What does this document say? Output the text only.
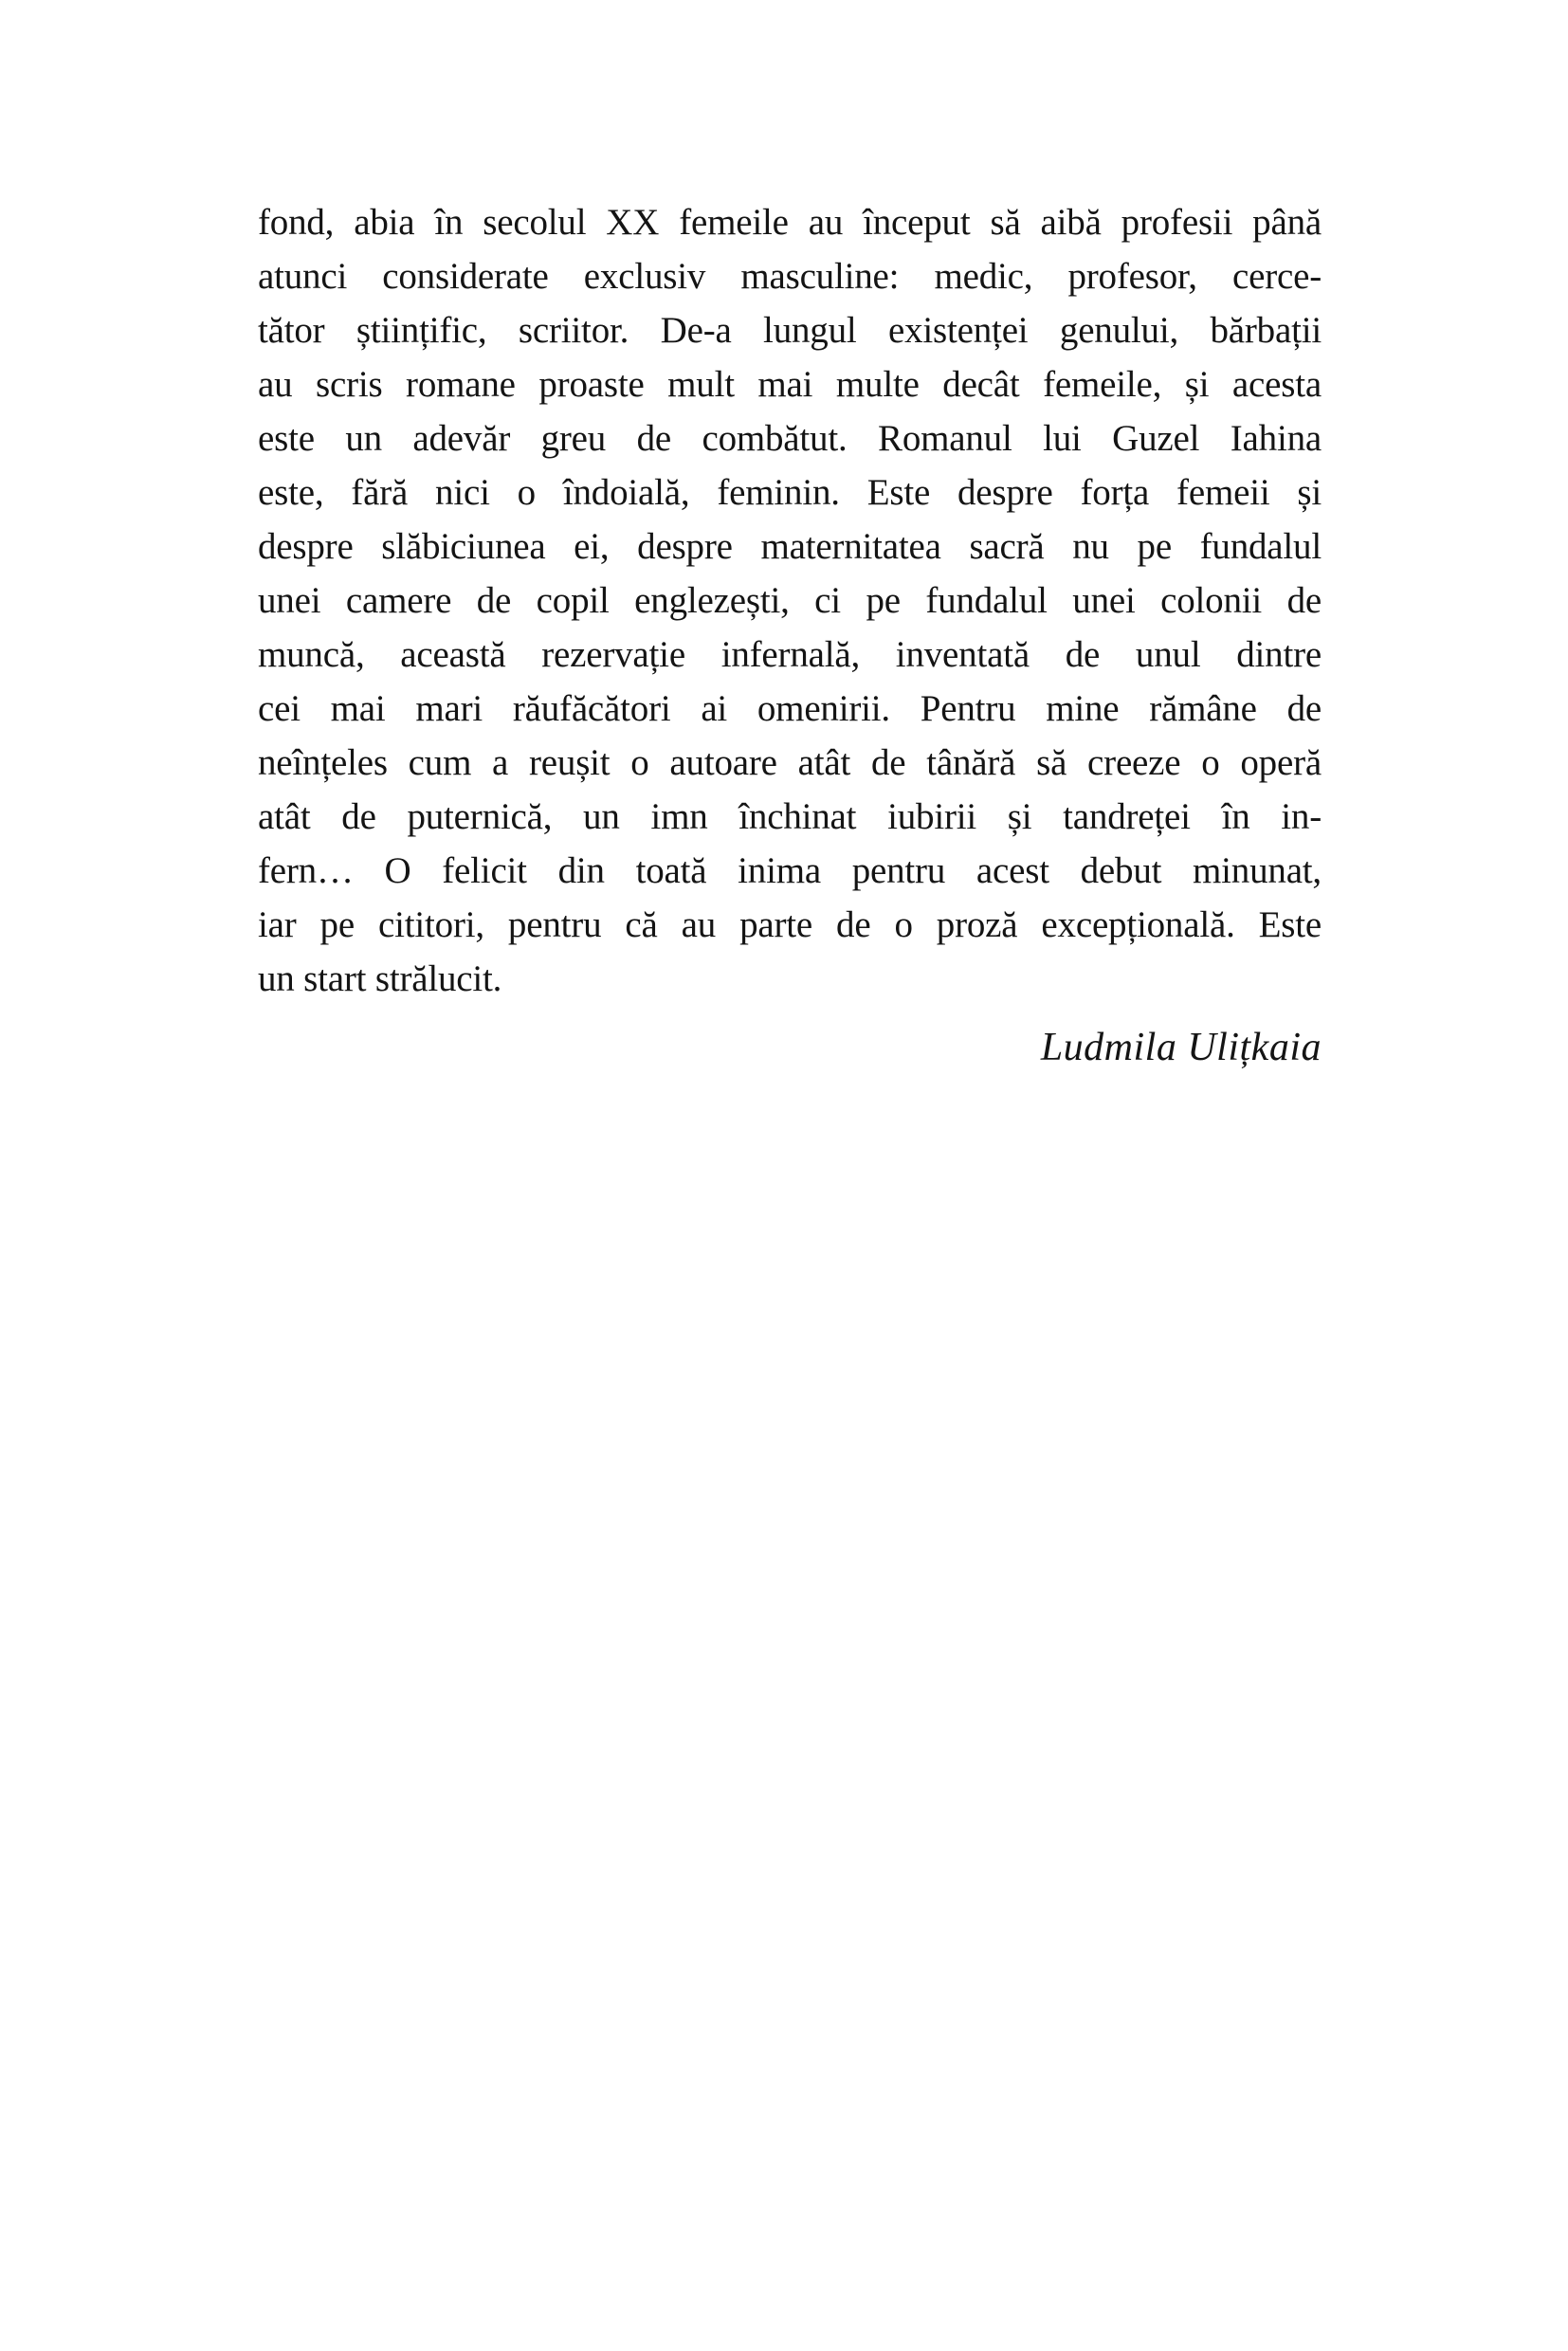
fond, abia în secolul XX femeile au început să aibă profesii până
atunci considerate exclusiv masculine: medic, profesor, cerce-
tător științific, scriitor. De-a lungul existenței genului, bărbații
au scris romane proaste mult mai multe decât femeile, și acesta
este un adevăr greu de combătut. Romanul lui Guzel Iahina
este, fără nici o îndoială, feminin. Este despre forța femeii și
despre slăbiciunea ei, despre maternitatea sacră nu pe fundalul
unei camere de copil englezești, ci pe fundalul unei colonii de
muncă, această rezervație infernală, inventată de unul dintre
cei mai mari răufăcători ai omenirii. Pentru mine rămâne de
neînțeles cum a reușit o autoare atât de tânără să creeze o operă
atât de puternică, un imn închinat iubirii și tandreței în in-
fern… O felicit din toată inima pentru acest debut minunat,
iar pe cititori, pentru că au parte de o proză excepțională. Este
un start strălucit.
Ludmila Ulițkaia
